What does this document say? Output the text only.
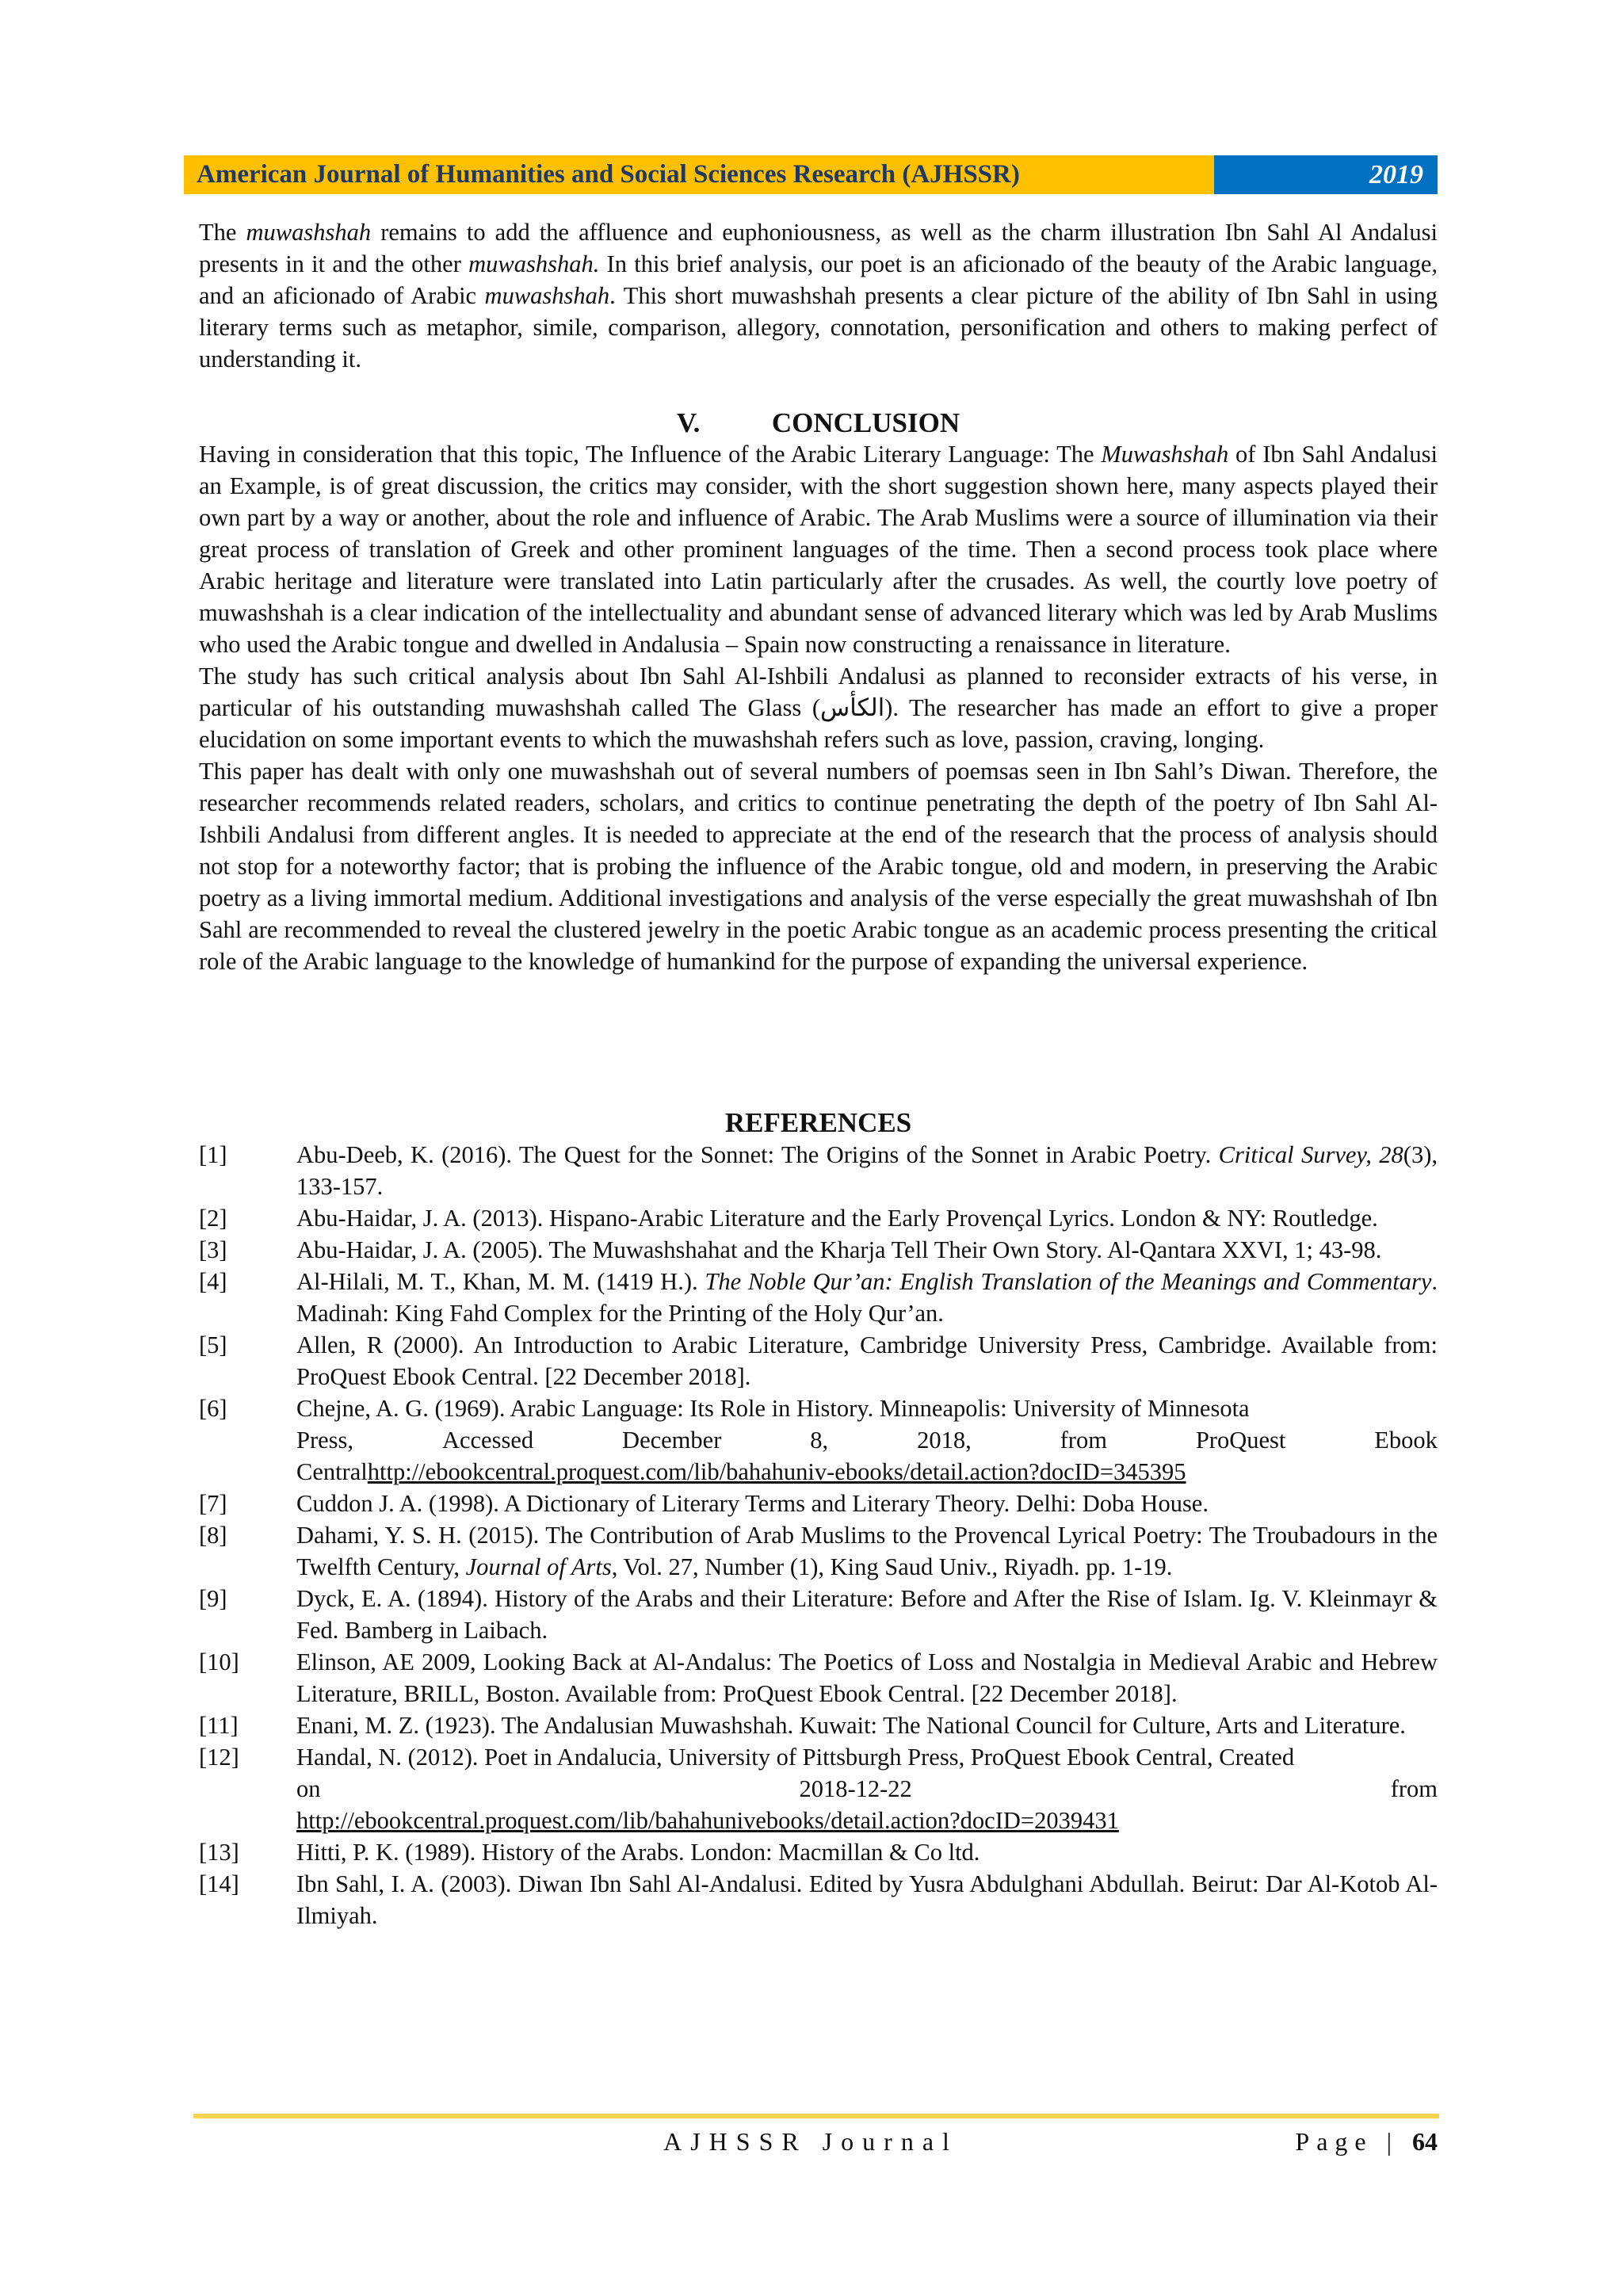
American Journal of Humanities and Social Sciences Research (AJHSSR)	2019

The muwashshah remains to add the affluence and euphoniousness, as well as the charm illustration Ibn Sahl Al Andalusi presents in it and the other muwashshah. In this brief analysis, our poet is an aficionado of the beauty of the Arabic language, and an aficionado of Arabic muwashshah. This short muwashshah presents a clear picture of the ability of Ibn Sahl in using literary terms such as metaphor, simile, comparison, allegory, connotation, personification and others to making perfect of understanding it.

V.	CONCLUSION

Having in consideration that this topic, The Influence of the Arabic Literary Language: The Muwashshah of Ibn Sahl Andalusi an Example, is of great discussion, the critics may consider, with the short suggestion shown here, many aspects played their own part by a way or another, about the role and influence of Arabic. The Arab Muslims were a source of illumination via their great process of translation of Greek and other prominent languages of the time. Then a second process took place where Arabic heritage and literature were translated into Latin particularly after the crusades. As well, the courtly love poetry of muwashshah is a clear indication of the intellectuality and abundant sense of advanced literary which was led by Arab Muslims who used the Arabic tongue and dwelled in Andalusia – Spain now constructing a renaissance in literature.

The study has such critical analysis about Ibn Sahl Al-Ishbili Andalusi as planned to reconsider extracts of his verse, in particular of his outstanding muwashshah called The Glass (الكأس). The researcher has made an effort to give a proper elucidation on some important events to which the muwashshah refers such as love, passion, craving, longing.

This paper has dealt with only one muwashshah out of several numbers of poemsas seen in Ibn Sahl’s Diwan. Therefore, the researcher recommends related readers, scholars, and critics to continue penetrating the depth of the poetry of Ibn Sahl Al-Ishbili Andalusi from different angles. It is needed to appreciate at the end of the research that the process of analysis should not stop for a noteworthy factor; that is probing the influence of the Arabic tongue, old and modern, in preserving the Arabic poetry as a living immortal medium. Additional investigations and analysis of the verse especially the great muwashshah of Ibn Sahl are recommended to reveal the clustered jewelry in the poetic Arabic tongue as an academic process presenting the critical role of the Arabic language to the knowledge of humankind for the purpose of expanding the universal experience.

REFERENCES

[1]	Abu-Deeb, K. (2016). The Quest for the Sonnet: The Origins of the Sonnet in Arabic Poetry. Critical Survey, 28(3), 133-157.

[2]	Abu-Haidar, J. A. (2013). Hispano-Arabic Literature and the Early Provençal Lyrics. London & NY: Routledge.

[3]	Abu-Haidar, J. A. (2005). The Muwashshahat and the Kharja Tell Their Own Story. Al-Qantara XXVI, 1; 43-98.

[4]	Al-Hilali, M. T., Khan, M. M. (1419 H.). The Noble Qur’an: English Translation of the Meanings and Commentary. Madinah: King Fahd Complex for the Printing of the Holy Qur’an.

[5]	Allen, R (2000). An Introduction to Arabic Literature, Cambridge University Press, Cambridge. Available from: ProQuest Ebook Central. [22 December 2018].

[6]	Chejne, A. G. (1969). Arabic Language: Its Role in History. Minneapolis: University of Minnesota
Press,	Accessed	December	8,	2018,	from	ProQuest	Ebook
Centralhttp://ebookcentral.proquest.com/lib/bahahuniv-ebooks/detail.action?docID=345395

[7]	Cuddon J. A. (1998). A Dictionary of Literary Terms and Literary Theory. Delhi: Doba House.

[8]	Dahami, Y. S. H. (2015). The Contribution of Arab Muslims to the Provencal Lyrical Poetry: The Troubadours in the Twelfth Century, Journal of Arts, Vol. 27, Number (1), King Saud Univ., Riyadh. pp. 1-19.

[9]	Dyck, E. A. (1894). History of the Arabs and their Literature: Before and After the Rise of Islam. Ig. V. Kleinmayr & Fed. Bamberg in Laibach.

[10] Elinson, AE 2009, Looking Back at Al-Andalus: The Poetics of Loss and Nostalgia in Medieval Arabic and Hebrew Literature, BRILL, Boston. Available from: ProQuest Ebook Central. [22 December 2018].

[11] Enani, M. Z. (1923). The Andalusian Muwashshah. Kuwait: The National Council for Culture, Arts and Literature.

[12] Handal, N. (2012). Poet in Andalucia, University of Pittsburgh Press, ProQuest Ebook Central, Created
on	2018-12-22	from
http://ebookcentral.proquest.com/lib/bahahunivebooks/detail.action?docID=2039431

[13] Hitti, P. K. (1989). History of the Arabs. London: Macmillan & Co ltd.

[14] Ibn Sahl, I. A. (2003). Diwan Ibn Sahl Al-Andalusi. Edited by Yusra Abdulghani Abdullah. Beirut: Dar Al-Kotob Al-Ilmiyah.

AJHSSR Journal	Page | 64
